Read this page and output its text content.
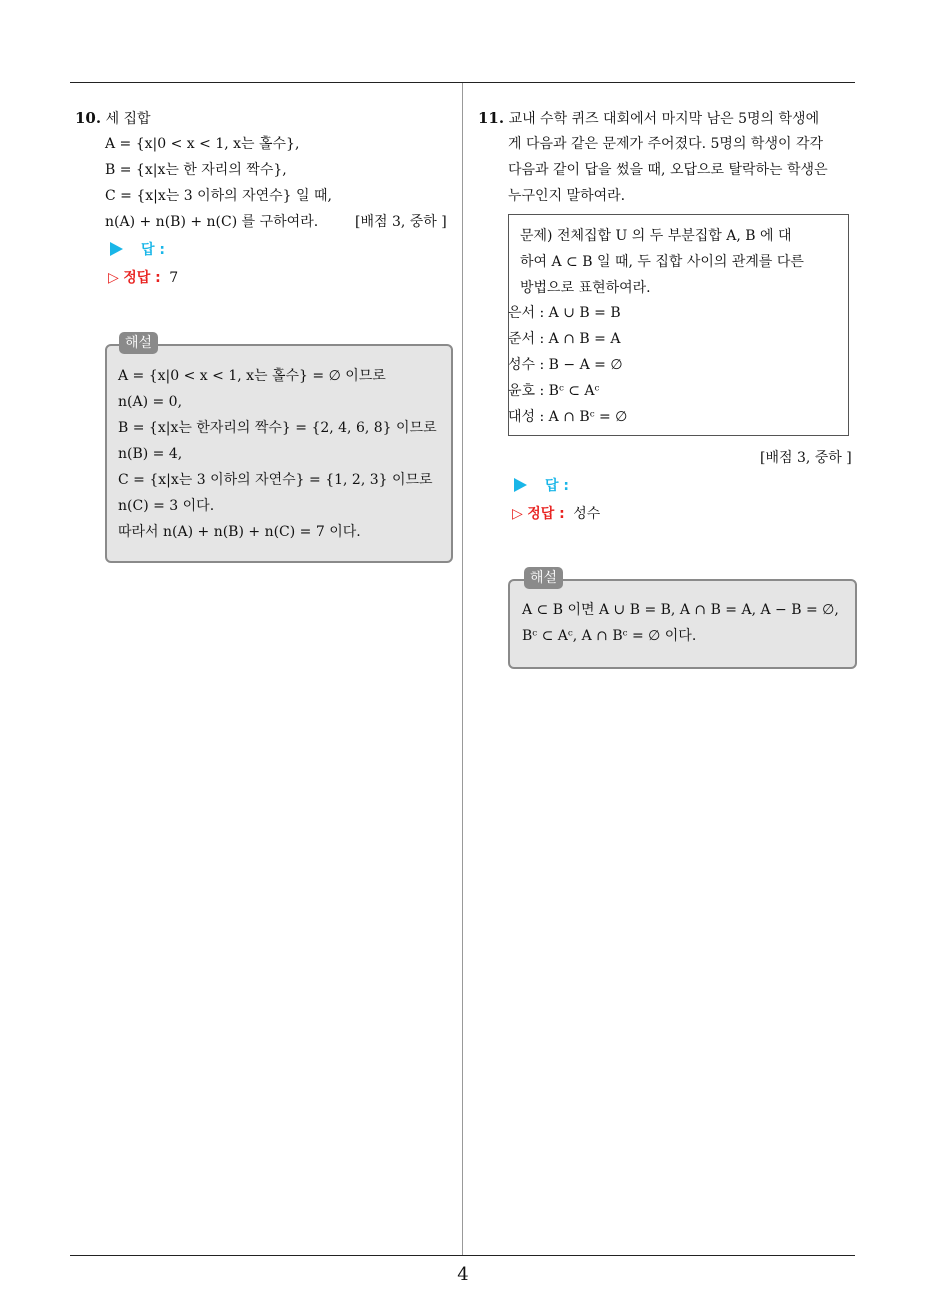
10. 세 집합
A = {x|0 < x < 1, x는 홀수},
B = {x|x는 한 자리의 짝수},
C = {x|x는 3 이하의 자연수} 일 때,
n(A) + n(B) + n(C) 를 구하여라.	[배점 3, 중하 ]
답 :
▷ 정답 : 7
해설
A = {x|0 < x < 1, x는 홀수} = ∅ 이므로
n(A) = 0,
B = {x|x는 한자리의 짝수} = {2, 4, 6, 8} 이므로
n(B) = 4,
C = {x|x는 3 이하의 자연수} = {1, 2, 3} 이므로
n(C) = 3 이다.
따라서 n(A) + n(B) + n(C) = 7 이다.
11. 교내 수학 퀴즈 대회에서 마지막 남은 5명의 학생에
게 다음과 같은 문제가 주어졌다. 5명의 학생이 각각
다음과 같이 답을 썼을 때, 오답으로 탈락하는 학생은
누구인지 말하여라.
문제) 전체집합 U 의 두 부분집합 A, B 에 대
하여 A ⊂ B 일 때, 두 집합 사이의 관계를 다른
방법으로 표현하여라.
은서 : A ∪ B = B
준서 : A ∩ B = A
성수 : B − A = ∅
윤호 : Bᶜ ⊂ Aᶜ
대성 : A ∩ Bᶜ = ∅
[배점 3, 중하 ]
답 :
▷ 정답 : 성수
해설
A ⊂ B 이면 A ∪ B = B, A ∩ B = A, A − B = ∅,
Bᶜ ⊂ Aᶜ, A ∩ Bᶜ = ∅ 이다.
4
